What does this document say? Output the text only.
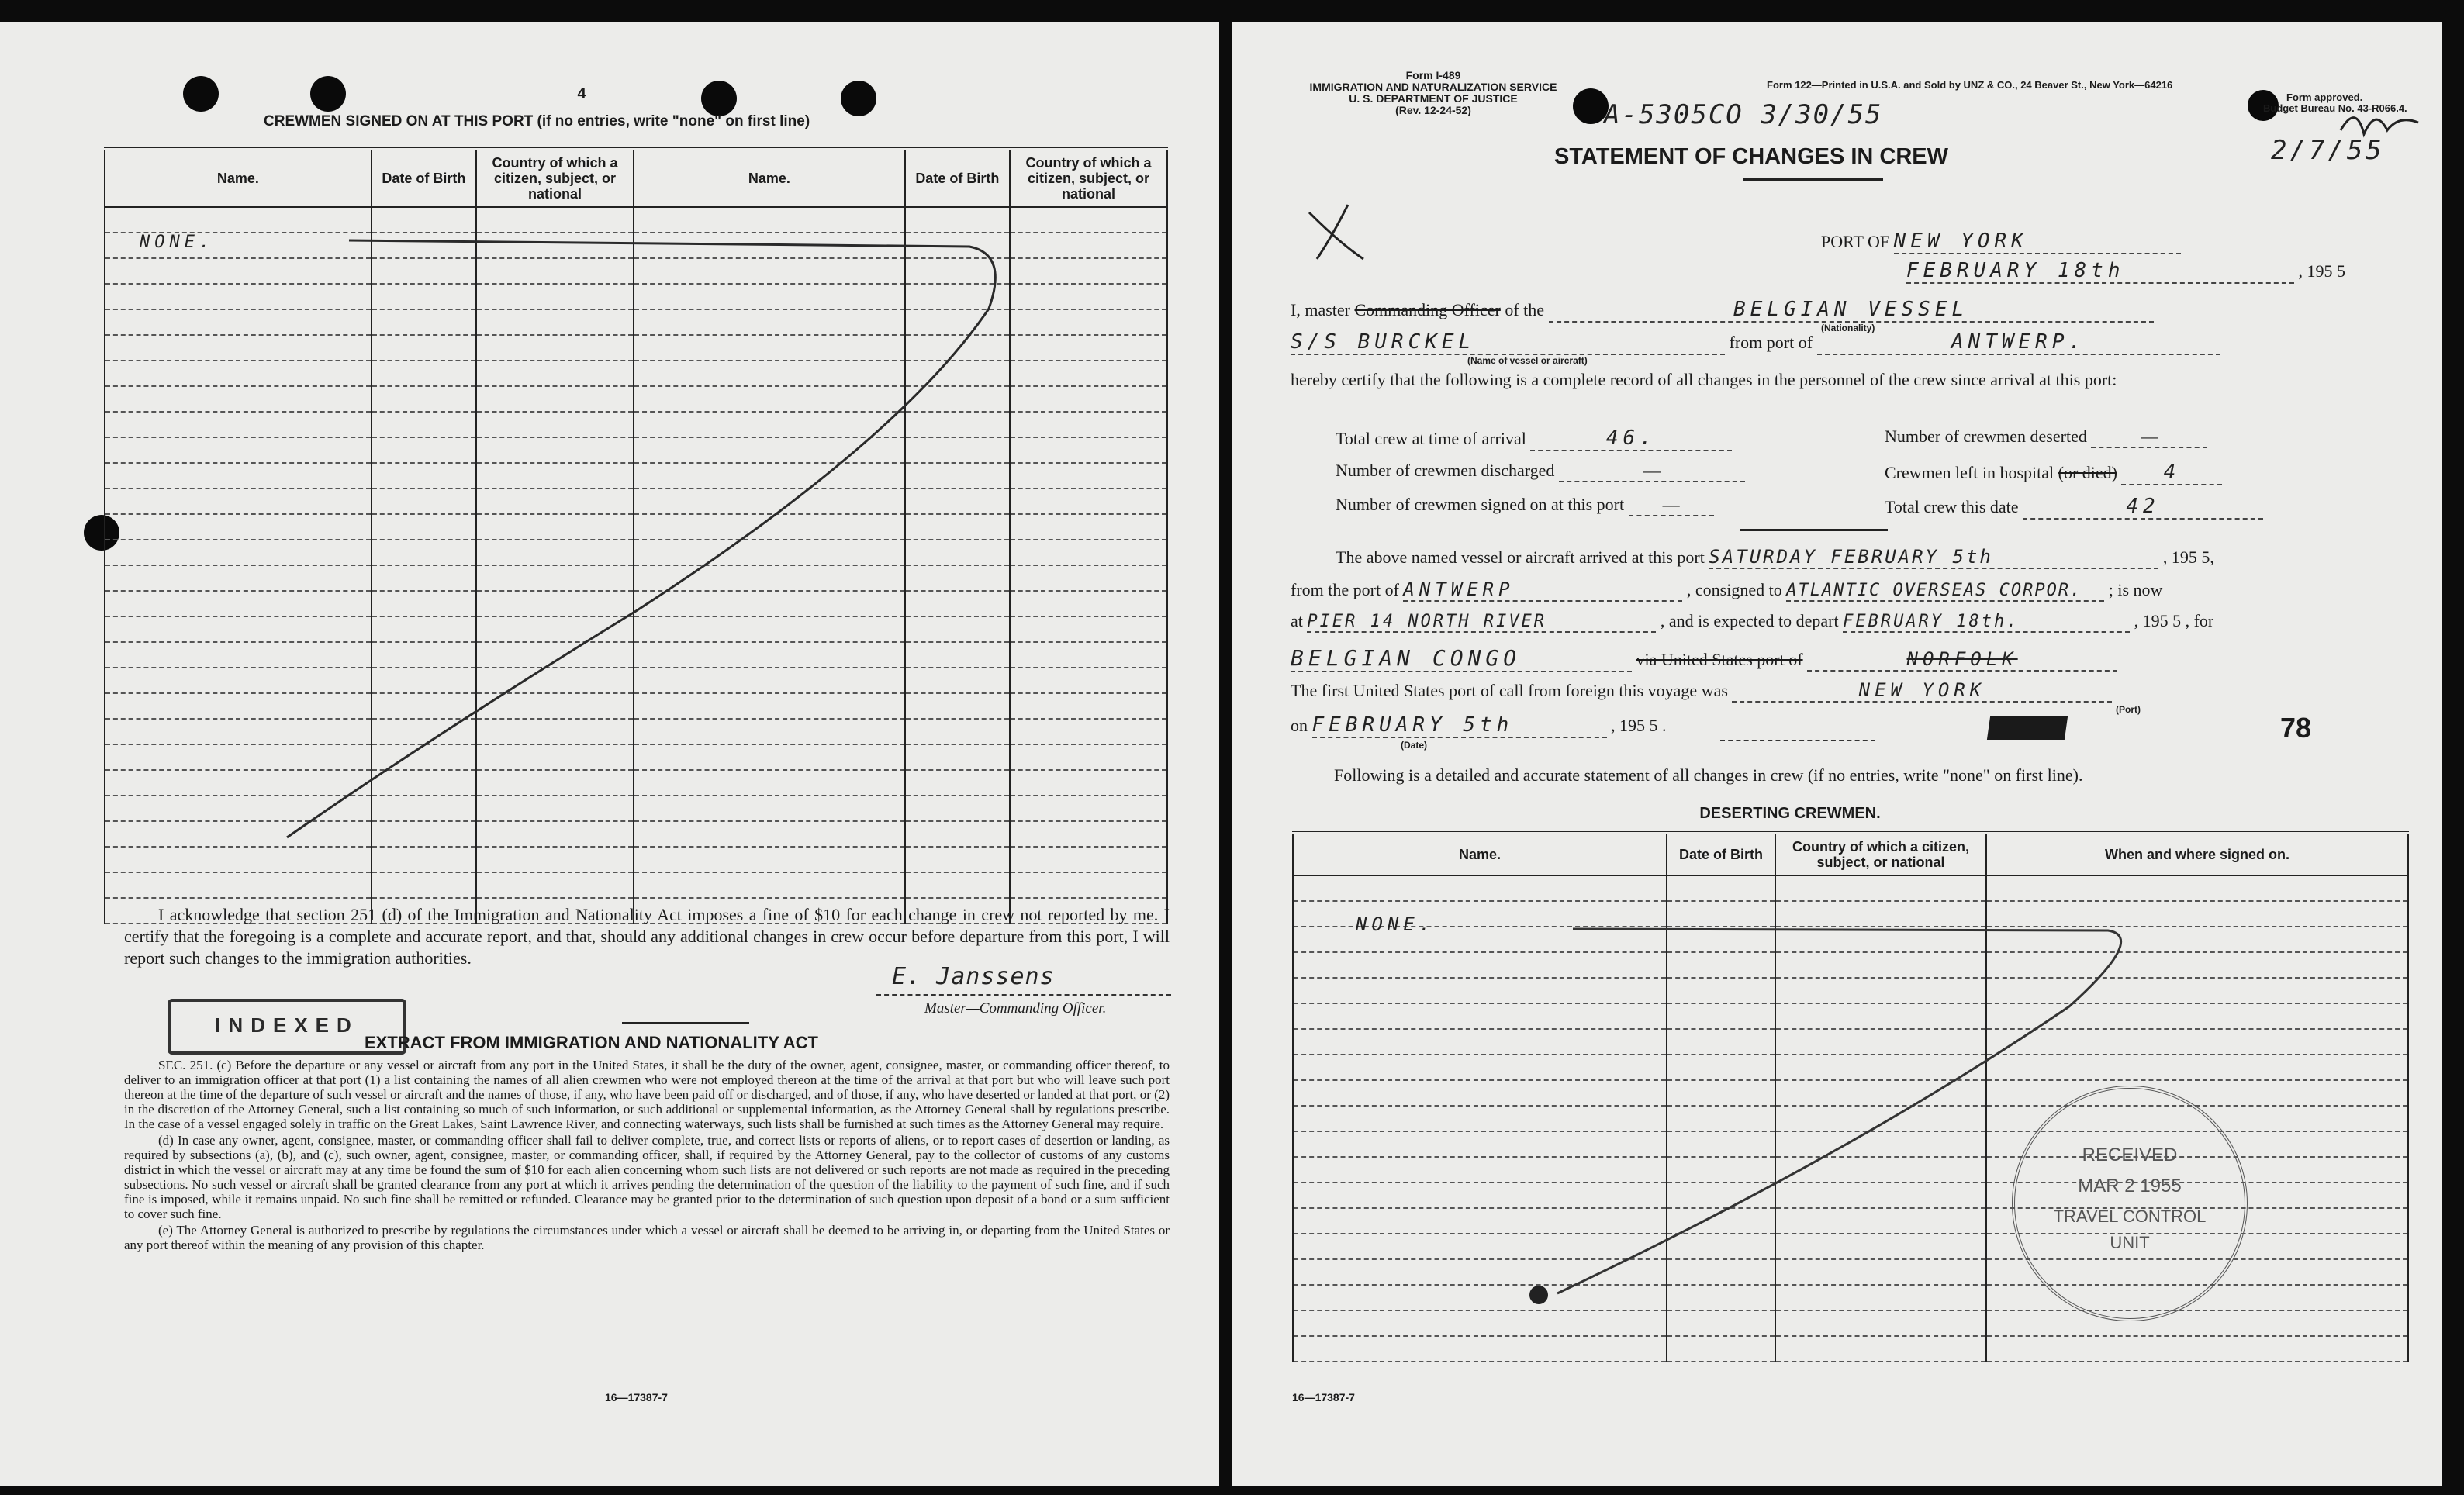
4
CREWMEN SIGNED ON AT THIS PORT (if no entries, write "none" on first line)
Name.	Date of Birth	Country of which a citizen, subject, or national	Name.	Date of Birth	Country of which a citizen, subject, or national

NONE.
I acknowledge that section 251 (d) of the Immigration and Nationality Act imposes a fine of $10 for each change in crew not reported by me. I certify that the foregoing is a complete and accurate report, and that, should any additional changes in crew occur before departure from this port, I will report such changes to the immigration authorities.
E. Janssens
Master—Commanding Officer.
INDEXED
EXTRACT FROM IMMIGRATION AND NATIONALITY ACT

SEC. 251. (c) Before the departure or any vessel or aircraft from any port in the United States, it shall be the duty of the owner, agent, consignee, master, or commanding officer thereof, to deliver to an immigration officer at that port (1) a list containing the names of all alien crewmen who were not employed thereon at the time of the arrival at that port but who will leave such port thereon at the time of the departure of such vessel or aircraft and the names of those, if any, who have been paid off or discharged, and of those, if any, who have deserted or landed at that port, or (2) in the discretion of the Attorney General, such a list containing so much of such information, or such additional or supplemental information, as the Attorney General shall by regulations prescribe. In the case of a vessel engaged solely in traffic on the Great Lakes, Saint Lawrence River, and connecting waterways, such lists shall be furnished at such times as the Attorney General may require.

(d) In case any owner, agent, consignee, master, or commanding officer shall fail to deliver complete, true, and correct lists or reports of aliens, or to report cases of desertion or landing, as required by subsections (a), (b), and (c), such owner, agent, consignee, master, or commanding officer, shall, if required by the Attorney General, pay to the collector of customs of any customs district in which the vessel or aircraft may at any time be found the sum of $10 for each alien concerning whom such lists are not delivered or such reports are not made as required in the preceding subsections. No such vessel or aircraft shall be granted clearance from any port at which it arrives pending the determination of the question of the liability to the payment of such fine, and if such fine is imposed, while it remains unpaid. No such fine shall be remitted or refunded. Clearance may be granted prior to the determination of such question upon deposit of a bond or a sum sufficient to cover such fine.

(e) The Attorney General is authorized to prescribe by regulations the circumstances under which a vessel or aircraft shall be deemed to be arriving in, or departing from the United States or any port thereof within the meaning of any provision of this chapter.

16—17387-7
Form I-489
IMMIGRATION AND NATURALIZATION SERVICE
U. S. DEPARTMENT OF JUSTICE
(Rev. 12-24-52)
Form 122—Printed in U.S.A. and Sold by UNZ & CO., 24 Beaver St., New York—64216
Form approved.
Budget Bureau No. 43-R066.4.
A-5305CO 3/30/55
2/7/55
STATEMENT OF CHANGES IN CREW
PORT OF NEW YORK
FEBRUARY 18th	, 195 5
I, master Commanding Officer of the	BELGIAN VESSEL
(Nationality)
S/S BURCKEL	from port of	ANTWERP.
(Name of vessel or aircraft)
hereby certify that the following is a complete record of all changes in the personnel of the crew since arrival at this port:
Total crew at time of arrival	46.
Number of crewmen discharged	—
Number of crewmen signed on at this port —
Number of crewmen deserted	—
Crewmen left in hospital (or died) 4
Total crew this date	42
The above named vessel or aircraft arrived at this port SATURDAY FEBRUARY 5th	, 195 5,
from the port of ANTWERP	, consigned to ATLANTIC OVERSEAS CORPOR. ; is now
at PIER 14 NORTH RIVER	, and is expected to depart FEBRUARY 18th.	, 195 5 , for
BELGIAN CONGO	via United States port of	NORFOLK
The first United States port of call from foreign this voyage was	NEW YORK
(Port)
on FEBRUARY 5th	, 195 5 .
(Date)
78
Following is a detailed and accurate statement of all changes in crew (if no entries, write "none" on first line).
DESERTING CREWMEN.
Name.	Date of Birth	Country of which a citizen, subject, or national	When and where signed on.

NONE.
RECEIVED
MAR 2 1955
TRAVEL CONTROL
UNIT
16—17387-7
